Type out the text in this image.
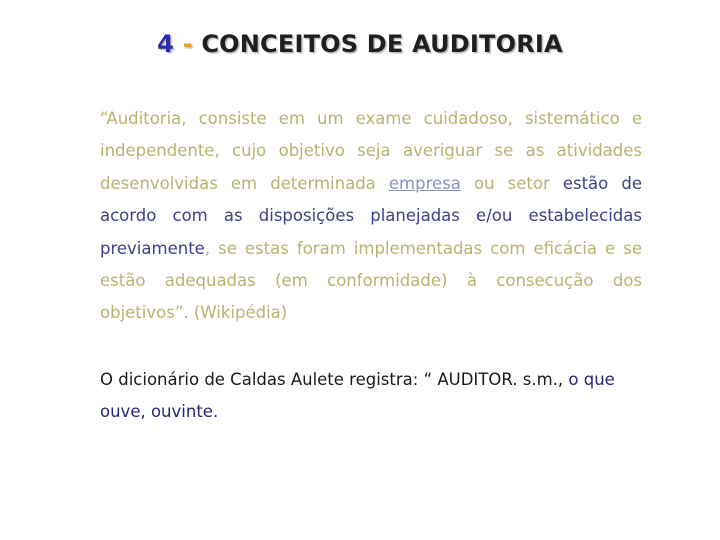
4 - CONCEITOS DE AUDITORIA

“Auditoria, consiste em um exame cuidadoso, sistemático e independente, cujo objetivo seja averiguar se as atividades desenvolvidas em determinada empresa ou setor estão de acordo com as disposições planejadas e/ou estabelecidas previamente, se estas foram implementadas com eficácia e se estão adequadas (em conformidade) à consecução dos objetivos”. (Wikipédia)

O dicionário de Caldas Aulete registra: “ AUDITOR. s.m., o que ouve, ouvinte.
